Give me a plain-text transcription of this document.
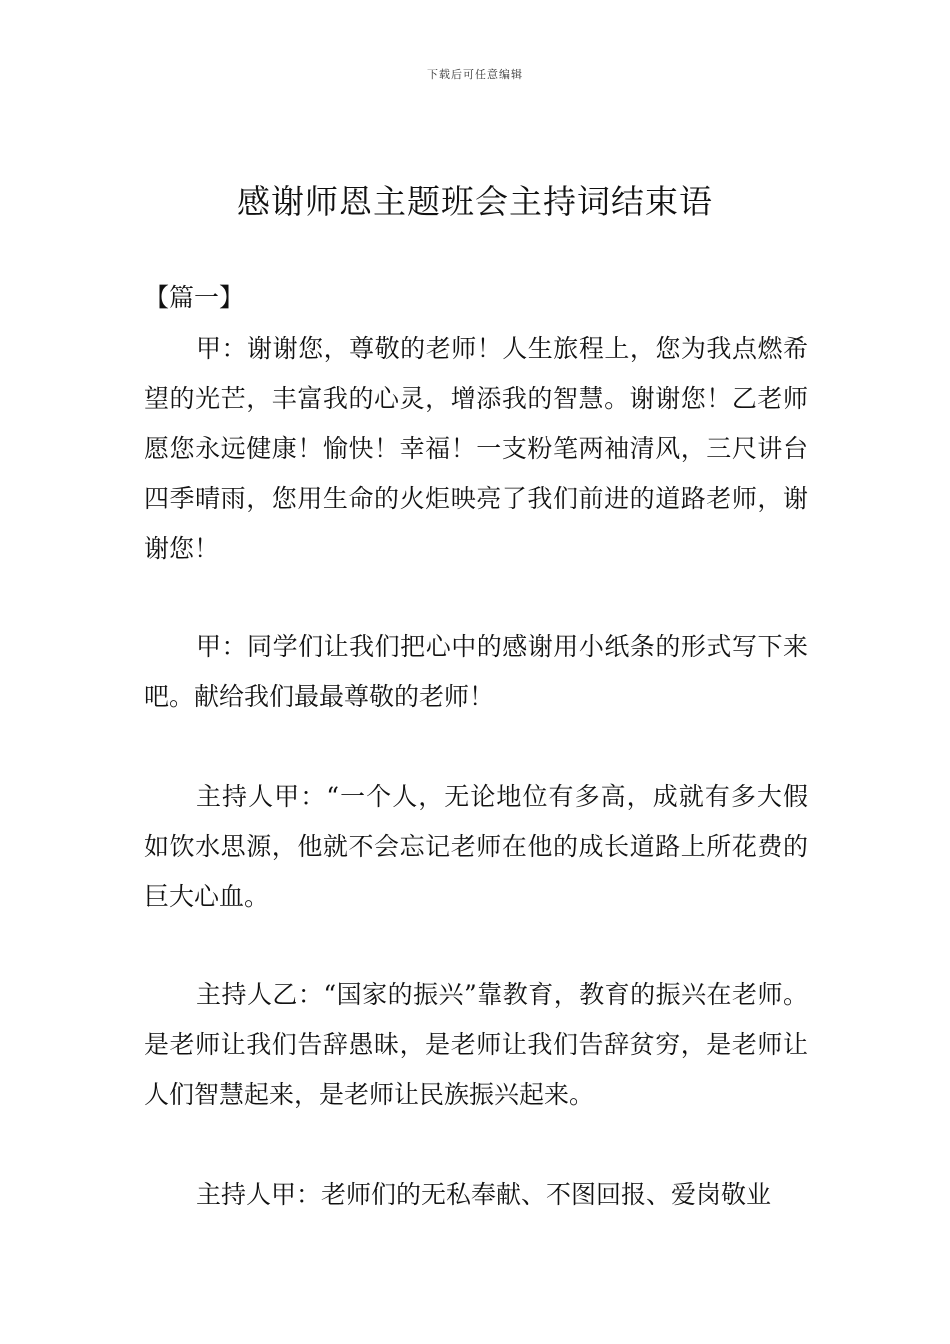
下载后可任意编辑
感谢师恩主题班会主持词结束语
【篇一】

甲：谢谢您，尊敬的老师！人生旅程上，您为我点燃希望的光芒，丰富我的心灵，增添我的智慧。谢谢您！乙老师愿您永远健康！愉快！幸福！一支粉笔两袖清风，三尺讲台四季晴雨，您用生命的火炬映亮了我们前进的道路老师，谢谢您！

甲：同学们让我们把心中的感谢用小纸条的形式写下来吧。献给我们最最尊敬的老师！

主持人甲：“一个人，无论地位有多高，成就有多大假如饮水思源，他就不会忘记老师在他的成长道路上所花费的巨大心血。

主持人乙：“国家的振兴”靠教育，教育的振兴在老师。是老师让我们告辞愚昧，是老师让我们告辞贫穷，是老师让人们智慧起来，是老师让民族振兴起来。

主持人甲：老师们的无私奉献、不图回报、爱岗敬业
